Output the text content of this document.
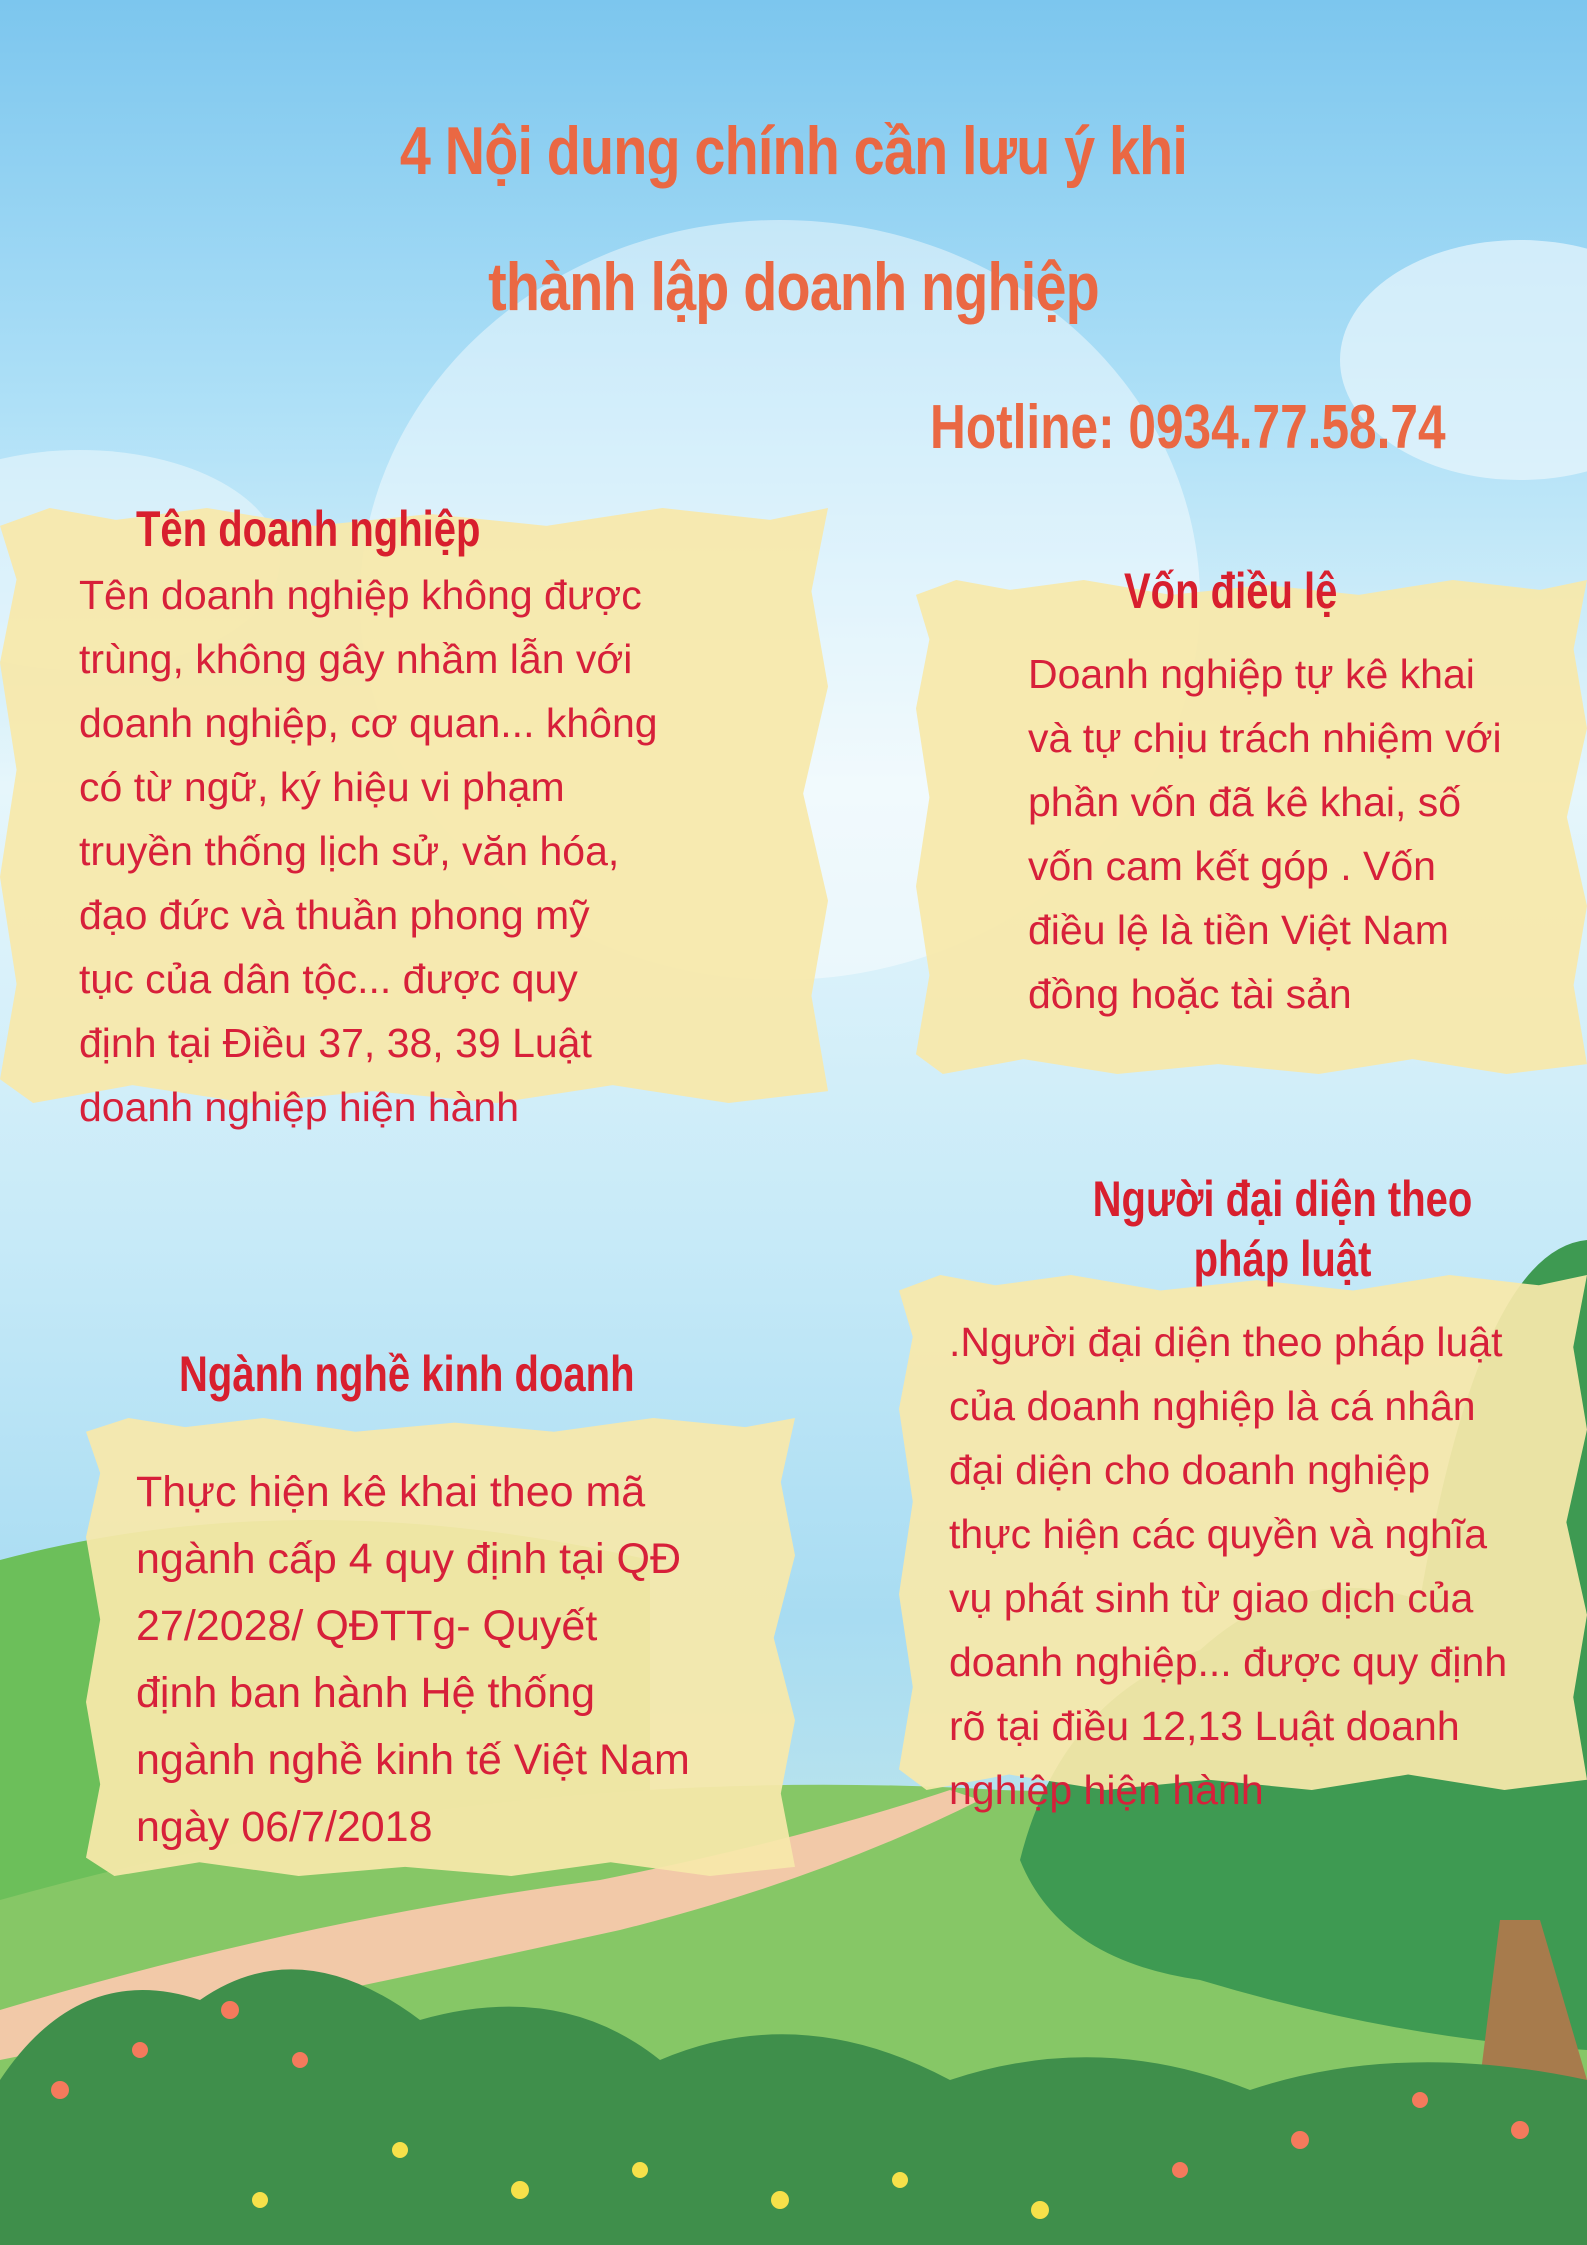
4 Nội dung chính cần lưu ý khi
thành lập doanh nghiệp
Hotline: 0934.77.58.74
Tên doanh nghiệp
Tên doanh nghiệp không được
trùng, không gây nhầm lẫn với
doanh nghiệp, cơ quan... không
có từ ngữ, ký hiệu vi phạm
truyền thống lịch sử, văn hóa,
đạo đức và thuần phong mỹ
tục của dân tộc... được quy
định tại Điều 37, 38, 39 Luật
doanh nghiệp hiện hành
Vốn điều lệ
Doanh nghiệp tự kê khai
và tự chịu trách nhiệm với
phần vốn đã kê khai, số
vốn cam kết góp . Vốn
điều lệ là tiền Việt Nam
đồng hoặc tài sản
Người đại diện theo
pháp luật
.Người đại diện theo pháp luật
của doanh nghiệp là cá nhân
đại diện cho doanh nghiệp
thực hiện các quyền và nghĩa
vụ phát sinh từ giao dịch của
doanh nghiệp... được quy định
rõ tại điều 12,13 Luật doanh
nghiệp hiện hành
Ngành nghề kinh doanh
Thực hiện kê khai theo mã
ngành cấp 4 quy định tại QĐ
27/2028/ QĐTTg- Quyết
định ban hành Hệ thống
ngành nghề kinh tế Việt Nam
ngày 06/7/2018
